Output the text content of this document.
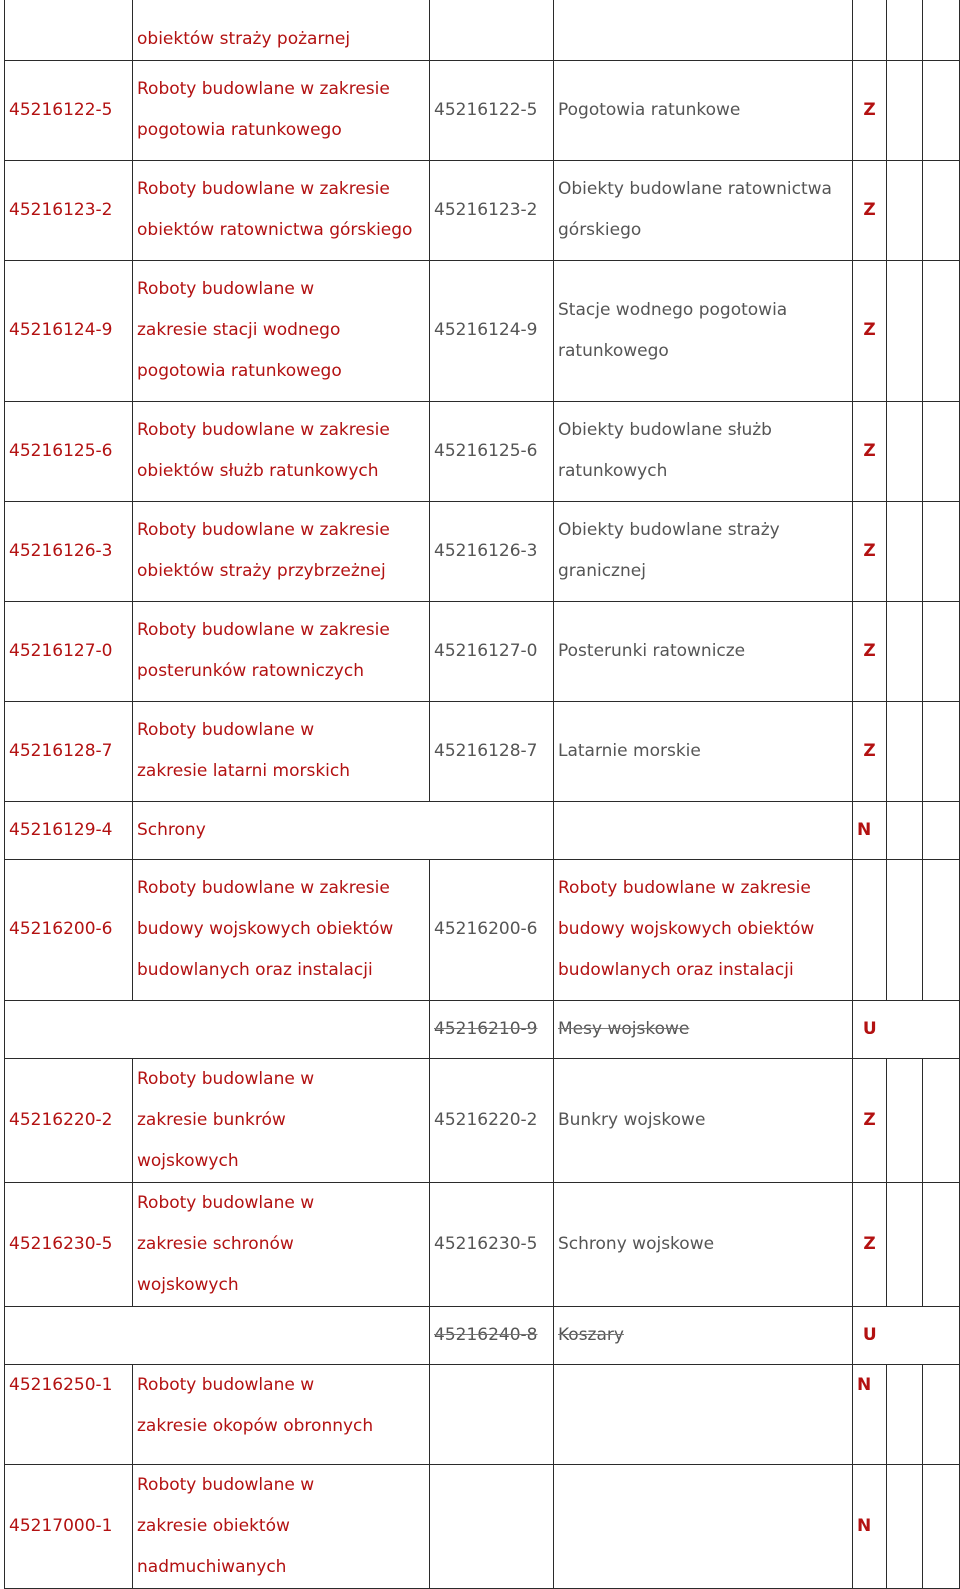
	obiektów straży pożarnej					
45216122-5	Roboty budowlane w zakresie pogotowia ratunkowego	45216122-5	Pogotowia ratunkowe	Z		
45216123-2	Roboty budowlane w zakresie obiektów ratownictwa górskiego	45216123-2	Obiekty budowlane ratownictwa górskiego	Z		
45216124-9	Roboty budowlane w zakresie stacji wodnego pogotowia ratunkowego	45216124-9	Stacje wodnego pogotowia ratunkowego	Z		
45216125-6	Roboty budowlane w zakresie obiektów służb ratunkowych	45216125-6	Obiekty budowlane służb ratunkowych	Z		
45216126-3	Roboty budowlane w zakresie obiektów straży przybrzeżnej	45216126-3	Obiekty budowlane straży granicznej	Z		
45216127-0	Roboty budowlane w zakresie posterunków ratowniczych	45216127-0	Posterunki ratownicze	Z		
45216128-7	Roboty budowlane w zakresie latarni morskich	45216128-7	Latarnie morskie	Z		
45216129-4	Schrony			N		
45216200-6	Roboty budowlane w zakresie budowy wojskowych obiektów budowlanych oraz instalacji	45216200-6	Roboty budowlane w zakresie budowy wojskowych obiektów budowlanych oraz instalacji			
		45216210-9	Mesy wojskowe	U		
45216220-2	Roboty budowlane w zakresie bunkrów wojskowych	45216220-2	Bunkry wojskowe	Z		
45216230-5	Roboty budowlane w zakresie schronów wojskowych	45216230-5	Schrony wojskowe	Z		
		45216240-8	Koszary	U		
45216250-1	Roboty budowlane w zakresie okopów obronnych			N		
45217000-1	Roboty budowlane w zakresie obiektów nadmuchiwanych			N		
